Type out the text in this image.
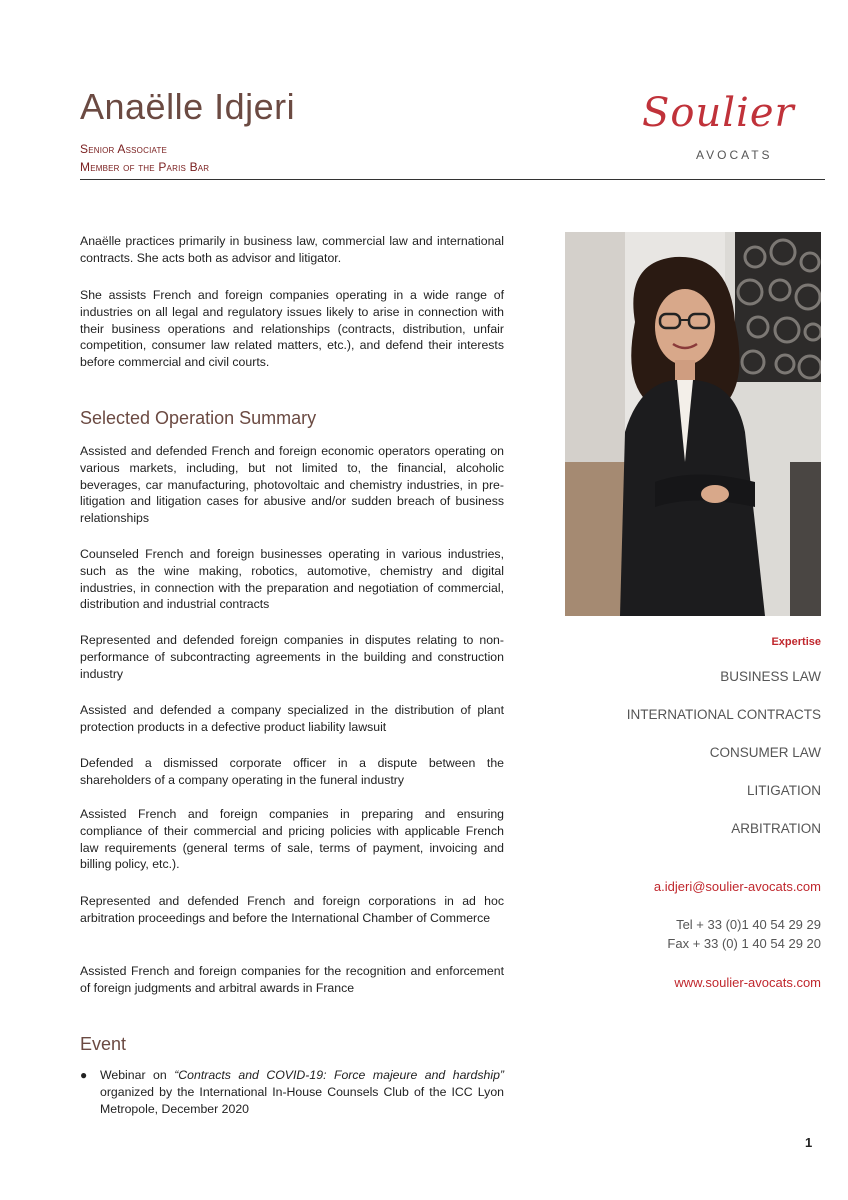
Anaëlle Idjeri
Senior Associate
Member of the Paris Bar
Soulier
AVOCATS
Anaëlle practices primarily in business law, commercial law and international contracts. She acts both as advisor and litigator.
She assists French and foreign companies operating in a wide range of industries on all legal and regulatory issues likely to arise in connection with their business operations and relationships (contracts, distribution, unfair competition, consumer law related matters, etc.), and defend their interests before commercial and civil courts.
Selected Operation Summary
Assisted and defended French and foreign economic operators operating on various markets, including, but not limited to, the financial, alcoholic beverages, car manufacturing, photovoltaic and chemistry industries, in pre-litigation and litigation cases for abusive and/or sudden breach of business relationships
Counseled French and foreign businesses operating in various industries, such as the wine making, robotics, automotive, chemistry and digital industries, in connection with the preparation and negotiation of commercial, distribution and industrial contracts
Represented and defended foreign companies in disputes relating to non-performance of subcontracting agreements in the building and construction industry
Assisted and defended a company specialized in the distribution of plant protection products in a defective product liability lawsuit
Defended a dismissed corporate officer in a dispute between the shareholders of a company operating in the funeral industry
Assisted French and foreign companies in preparing and ensuring compliance of their commercial and pricing policies with applicable French law requirements (general terms of sale, terms of payment, invoicing and billing policy, etc.).
Represented and defended French and foreign corporations in ad hoc arbitration proceedings and before the International Chamber of Commerce
Assisted French and foreign companies for the recognition and enforcement of foreign judgments and arbitral awards in France
Event
●	Webinar on “Contracts and COVID-19: Force majeure and hardship” organized by the International In-House Counsels Club of the ICC Lyon Metropole, December 2020
Expertise
BUSINESS LAW
INTERNATIONAL CONTRACTS
CONSUMER LAW
LITIGATION
ARBITRATION
a.idjeri@soulier-avocats.com
Tel + 33 (0)1 40 54 29 29
Fax + 33 (0) 1 40 54 29 20
www.soulier-avocats.com
1
